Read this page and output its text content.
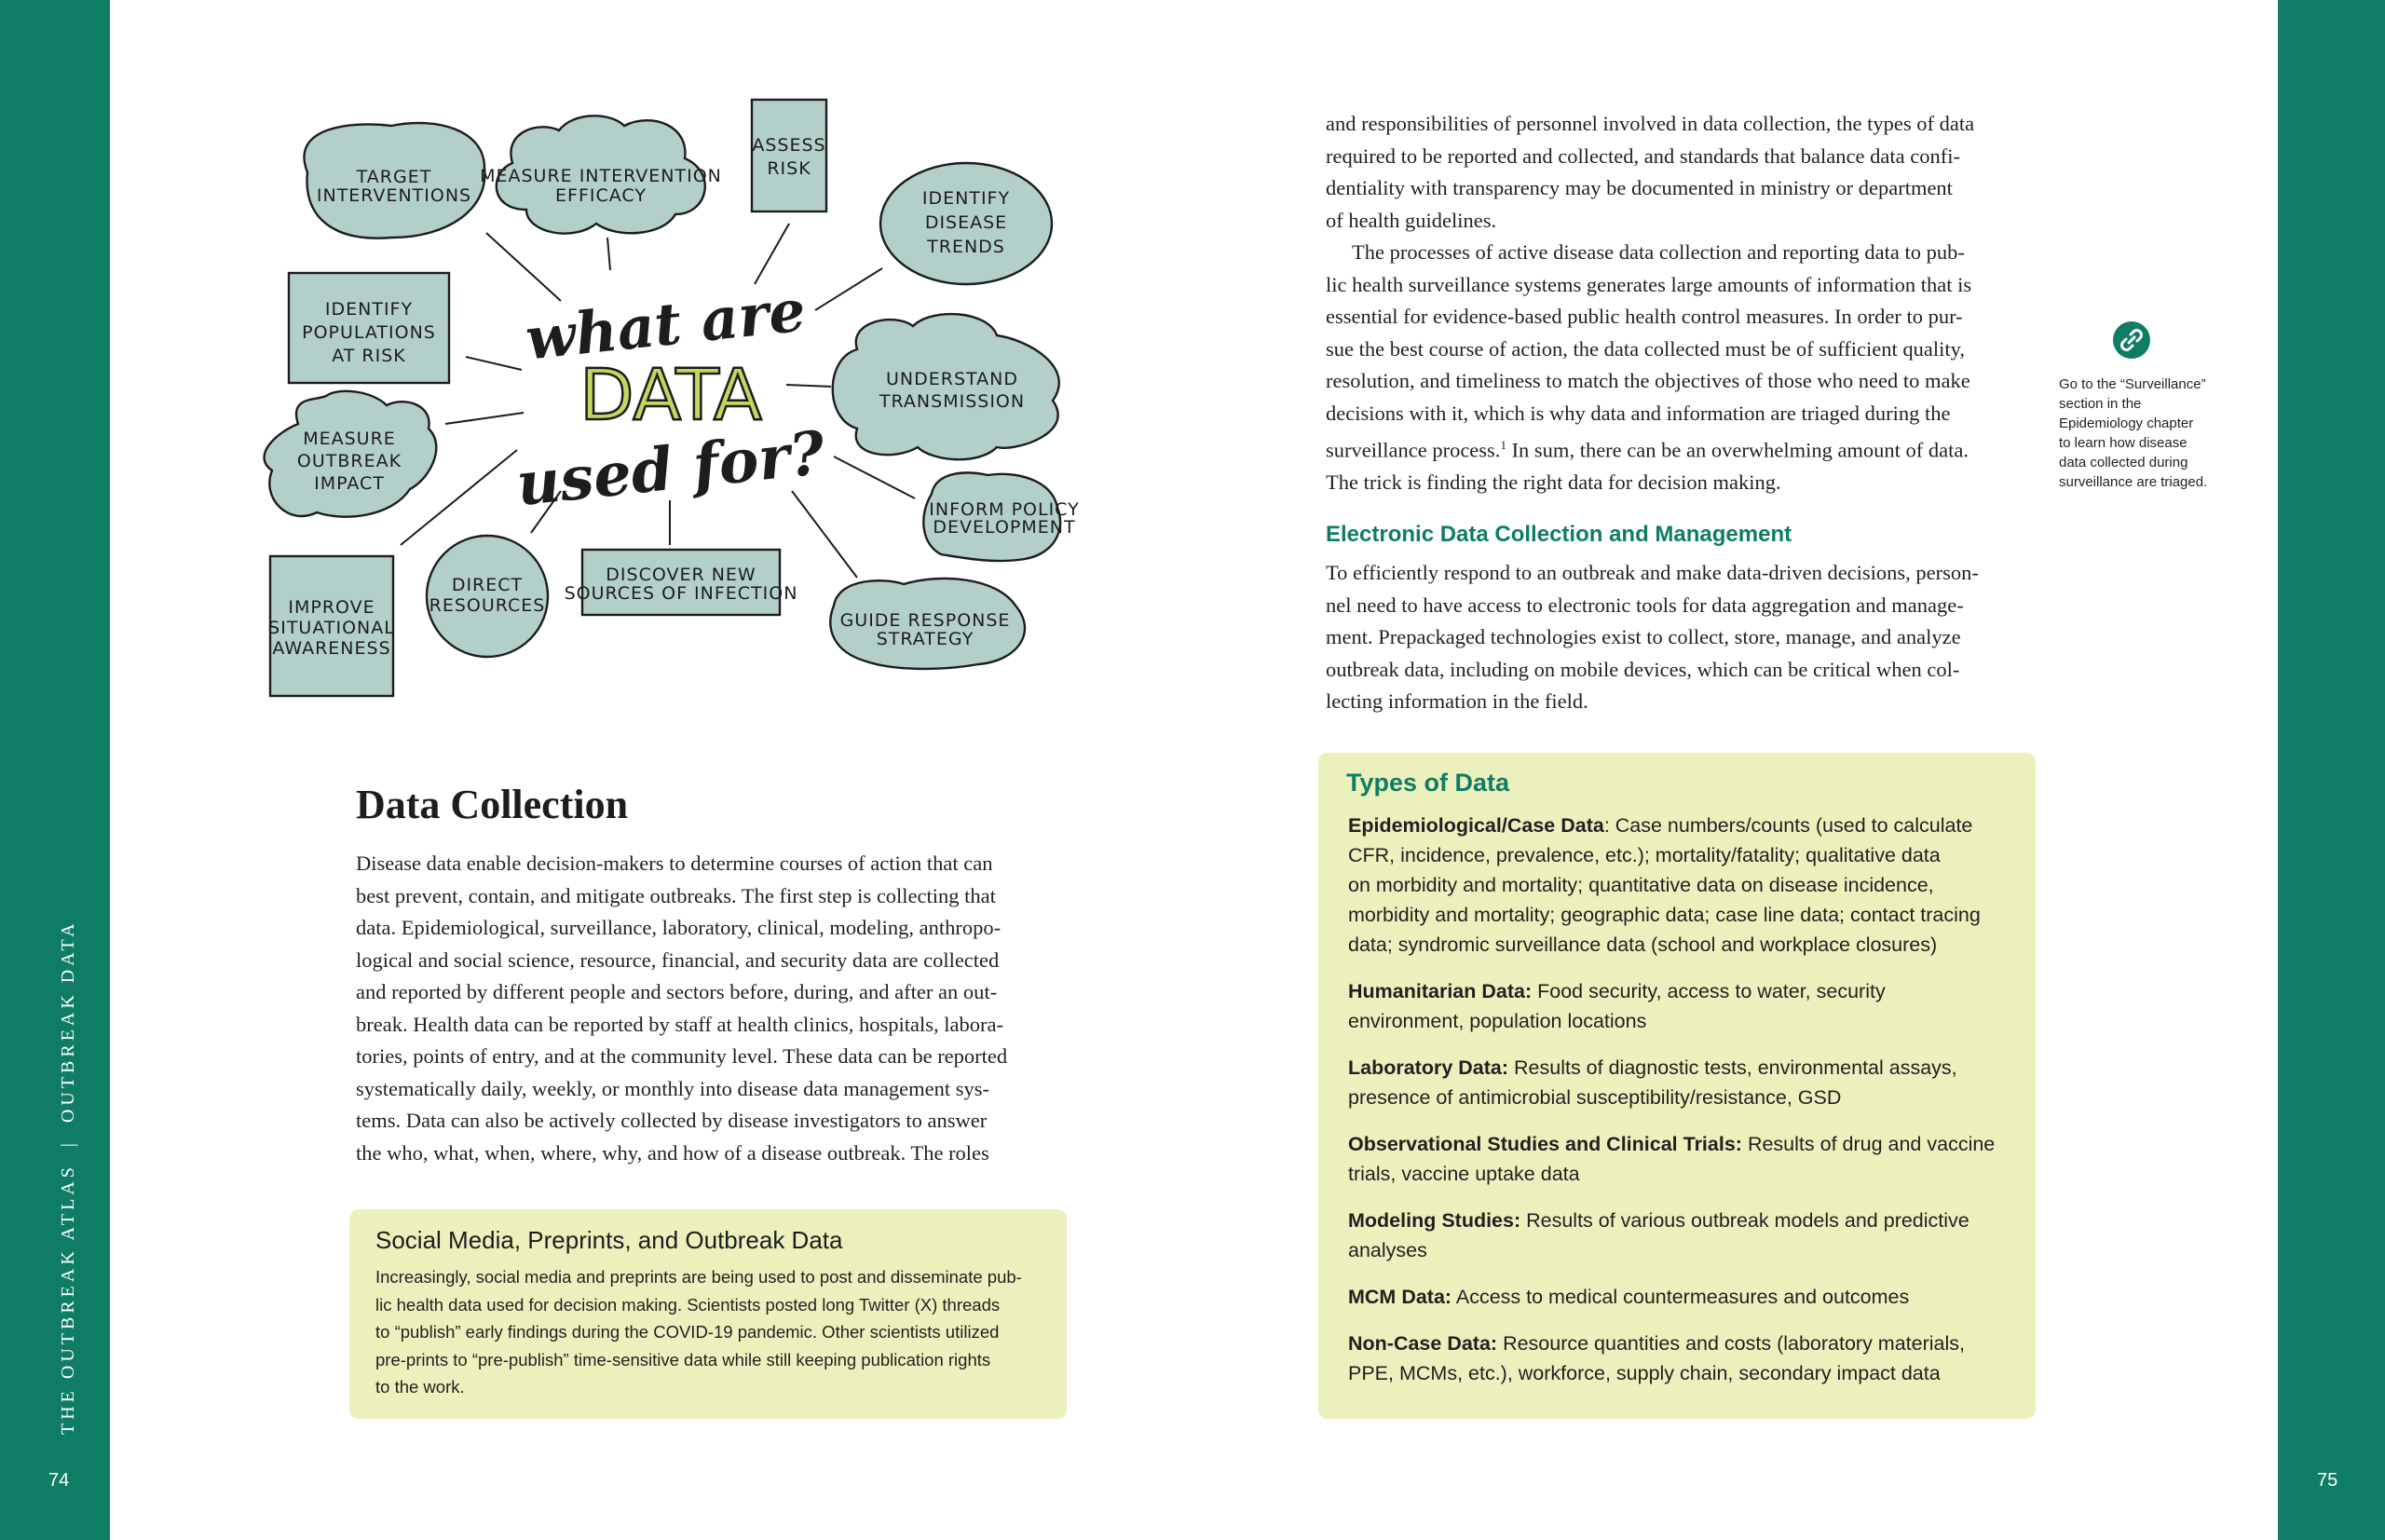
THE OUTBREAK ATLAS|OUTBREAK DATA
74	75
TARGET
INTERVENTIONS
MEASURE INTERVENTION
EFFICACY
ASSESS
RISK
IDENTIFY
DISEASE
TRENDS
IDENTIFY
POPULATIONS
AT RISK
UNDERSTAND
TRANSMISSION
MEASURE
OUTBREAK
IMPACT
INFORM POLICY
DEVELOPMENT
IMPROVE
SITUATIONAL
AWARENESS
DIRECT
RESOURCES
DISCOVER NEW
SOURCES OF INFECTION
GUIDE RESPONSE
STRATEGY
what are
DATA
used for?
Data Collection
Disease data enable decision-makers to determine courses of action that can
best prevent, contain, and mitigate outbreaks. The first step is collecting that
data. Epidemiological, surveillance, laboratory, clinical, modeling, anthropo-
logical and social science, resource, financial, and security data are collected
and reported by different people and sectors before, during, and after an out-
break. Health data can be reported by staff at health clinics, hospitals, labora-
tories, points of entry, and at the community level. These data can be reported
systematically daily, weekly, or monthly into disease data management sys-
tems. Data can also be actively collected by disease investigators to answer
the who, what, when, where, why, and how of a disease outbreak. The roles
Social Media, Preprints, and Outbreak Data
Increasingly, social media and preprints are being used to post and disseminate pub-
lic health data used for decision making. Scientists posted long Twitter (X) threads
to “publish” early findings during the COVID-19 pandemic. Other scientists utilized
pre-prints to “pre-publish” time-sensitive data while still keeping publication rights
to the work.
and responsibilities of personnel involved in data collection, the types of data
required to be reported and collected, and standards that balance data confi-
dentiality with transparency may be documented in ministry or department
of health guidelines.
The processes of active disease data collection and reporting data to pub-
lic health surveillance systems generates large amounts of information that is
essential for evidence-based public health control measures. In order to pur-
sue the best course of action, the data collected must be of sufficient quality,
resolution, and timeliness to match the objectives of those who need to make
decisions with it, which is why data and information are triaged during the
surveillance process.$^1$ In sum, there can be an overwhelming amount of data.
The trick is finding the right data for decision making.
Electronic Data Collection and Management
To efficiently respond to an outbreak and make data-driven decisions, person-
nel need to have access to electronic tools for data aggregation and manage-
ment. Prepackaged technologies exist to collect, store, manage, and analyze
outbreak data, including on mobile devices, which can be critical when col-
lecting information in the field.
Go to the “Surveillance”
section in the
Epidemiology chapter
to learn how disease
data collected during
surveillance are triaged.
Types of Data
Epidemiological/Case Data: Case numbers/counts (used to calculate
CFR, incidence, prevalence, etc.); mortality/fatality; qualitative data
on morbidity and mortality; quantitative data on disease incidence,
morbidity and mortality; geographic data; case line data; contact tracing
data; syndromic surveillance data (school and workplace closures)
Humanitarian Data: Food security, access to water, security
environment, population locations
Laboratory Data: Results of diagnostic tests, environmental assays,
presence of antimicrobial susceptibility/resistance, GSD
Observational Studies and Clinical Trials: Results of drug and vaccine
trials, vaccine uptake data
Modeling Studies: Results of various outbreak models and predictive
analyses
MCM Data: Access to medical countermeasures and outcomes
Non-Case Data: Resource quantities and costs (laboratory materials,
PPE, MCMs, etc.), workforce, supply chain, secondary impact data
